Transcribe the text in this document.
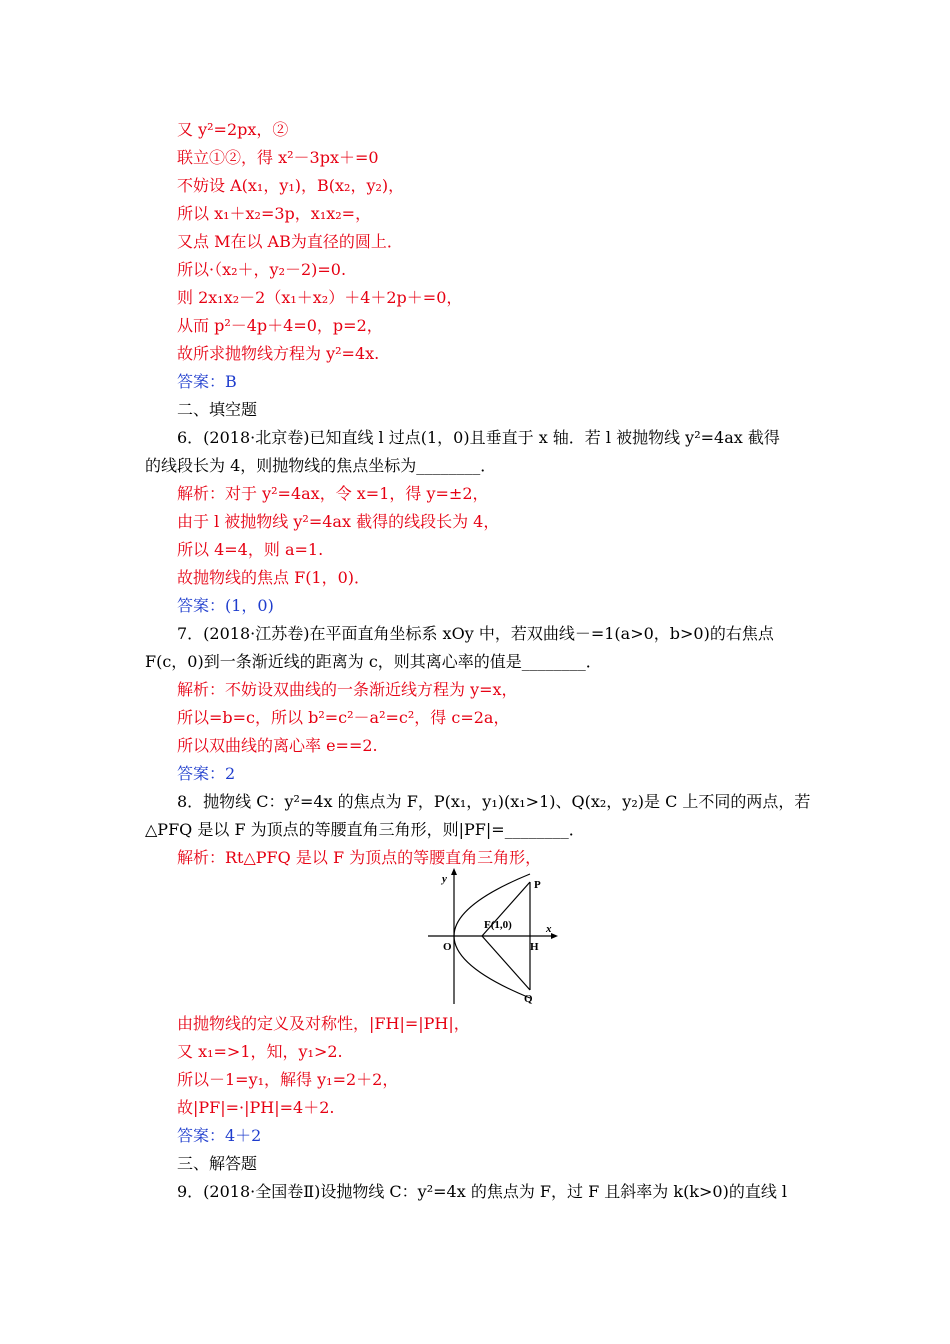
又 y²=2px，②
联立①②，得 x²－3px＋=0
不妨设 A(x₁，y₁)，B(x₂，y₂)，
所以 x₁＋x₂=3p，x₁x₂=，
又点 M在以 AB为直径的圆上．
所以·（x₂＋，y₂－2)=0.
则 2x₁x₂－2（x₁＋x₂）＋4＋2p＋=0，
从而 p²－4p＋4=0，p=2，
故所求抛物线方程为 y²=4x.
答案：B
二、填空题
6．(2018·北京卷)已知直线 l 过点(1，0)且垂直于 x 轴．若 l 被抛物线 y²=4ax 截得
的线段长为 4，则抛物线的焦点坐标为________．
解析：对于 y²=4ax，令 x=1，得 y=±2，
由于 l 被抛物线 y²=4ax 截得的线段长为 4，
所以 4=4，则 a=1.
故抛物线的焦点 F(1，0)．
答案：(1，0)
7．(2018·江苏卷)在平面直角坐标系 xOy 中，若双曲线－=1(a>0，b>0)的右焦点
F(c，0)到一条渐近线的距离为 c，则其离心率的值是________．
解析：不妨设双曲线的一条渐近线方程为 y=x，
所以=b=c，所以 b²=c²－a²=c²，得 c=2a，
所以双曲线的离心率 e==2.
答案：2
8．抛物线 C：y²=4x 的焦点为 F，P(x₁，y₁)(x₁>1)、Q(x₂，y₂)是 C 上不同的两点，若
△PFQ 是以 F 为顶点的等腰直角三角形，则|PF|=________．
解析：Rt△PFQ 是以 F 为顶点的等腰直角三角形，
y
x
O
P
Q
H
F(1,0)
由抛物线的定义及对称性，|FH|=|PH|，
又 x₁=>1，知，y₁>2.
所以－1=y₁，解得 y₁=2＋2，
故|PF|=·|PH|=4＋2.
答案：4＋2
三、解答题
9．(2018·全国卷Ⅱ)设抛物线 C：y²=4x 的焦点为 F，过 F 且斜率为 k(k>0)的直线 l
